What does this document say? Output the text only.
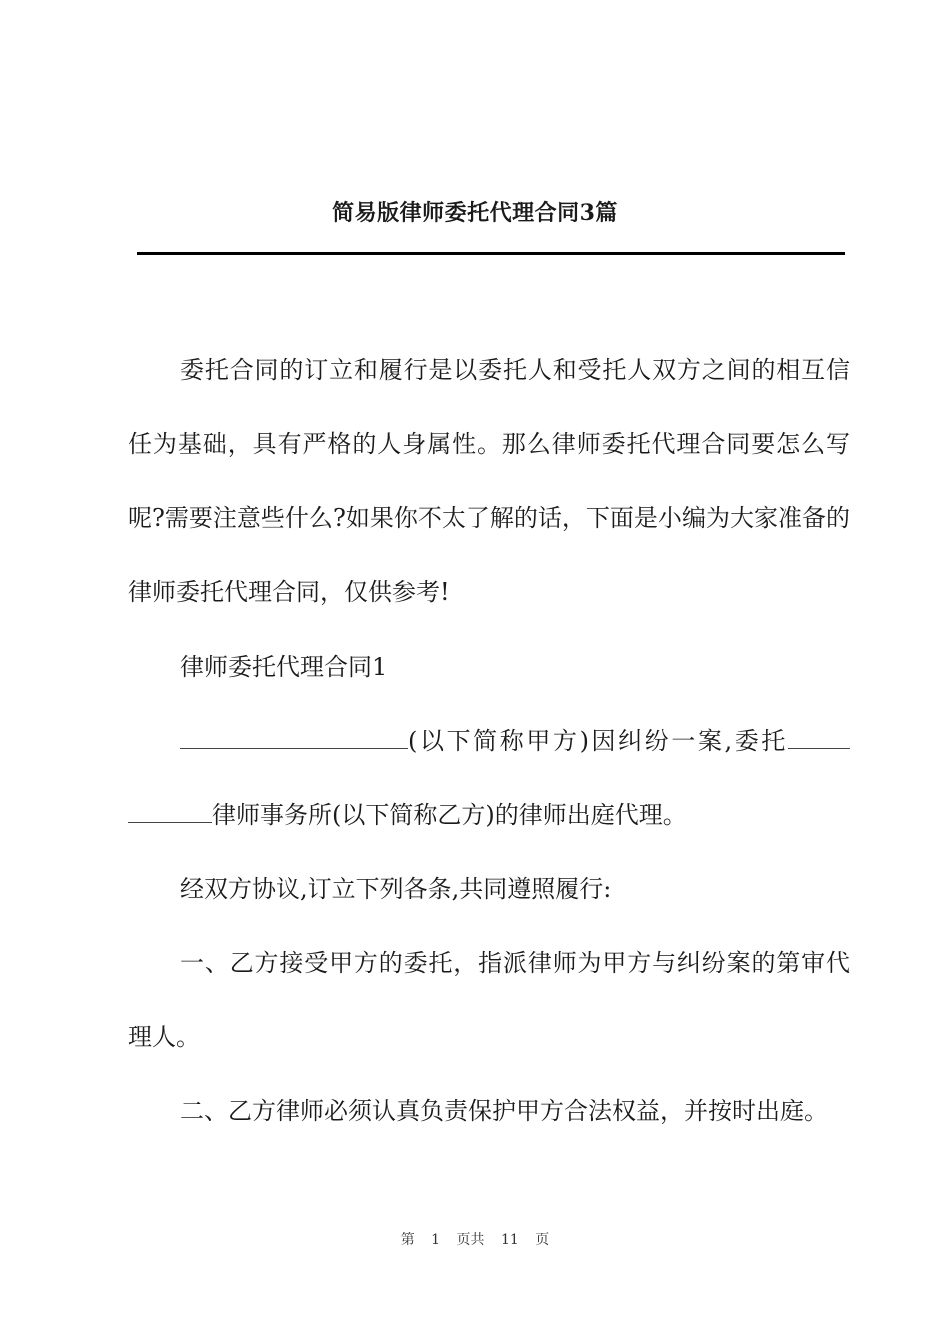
简易版律师委托代理合同3篇
委托合同的订立和履行是以委托人和受托人双方之间的相互信任为基础，具有严格的人身属性。那么律师委托代理合同要怎么写呢?需要注意些什么?如果你不太了解的话，下面是小编为大家准备的律师委托代理合同，仅供参考!
律师委托代理合同1
(以下简称甲方)因纠纷一案,委托律师事务所(以下简称乙方)的律师出庭代理。
经双方协议,订立下列各条,共同遵照履行:
一、乙方接受甲方的委托，指派律师为甲方与纠纷案的第审代理人。
二、乙方律师必须认真负责保护甲方合法权益，并按时出庭。
第 1 页共 11 页
